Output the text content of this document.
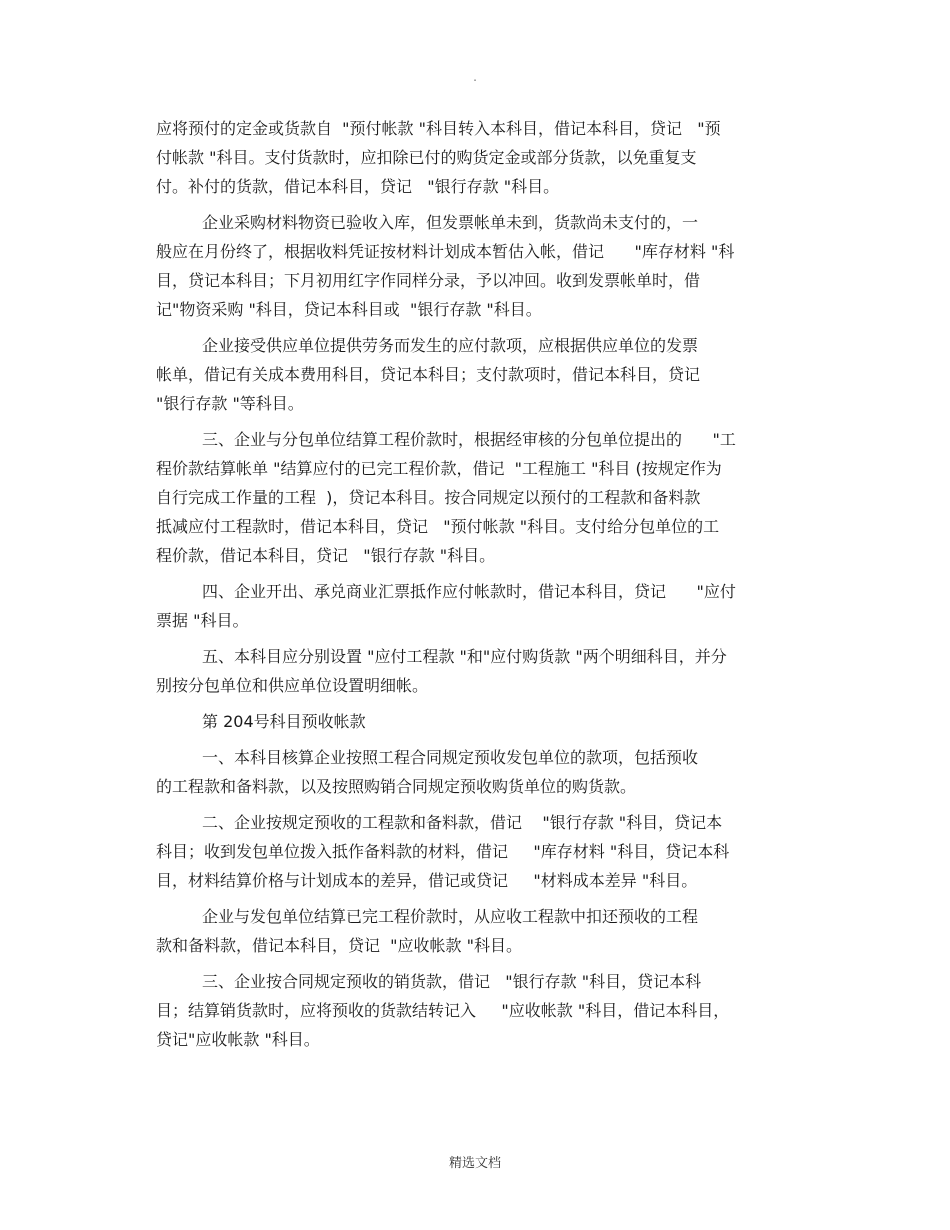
.

应将预付的定金或货款自  "预付帐款 "科目转入本科目，借记本科目，贷记   "预
付帐款 "科目。支付货款时，应扣除已付的购货定金或部分货款，以免重复支
付。补付的货款，借记本科目，贷记   "银行存款 "科目。

企业采购材料物资已验收入库，但发票帐单未到，货款尚未支付的，一
般应在月份终了，根据收料凭证按材料计划成本暂估入帐，借记      "库存材料 "科
目，贷记本科目；下月初用红字作同样分录，予以冲回。收到发票帐单时，借
记"物资采购 "科目，贷记本科目或  "银行存款 "科目。

企业接受供应单位提供劳务而发生的应付款项，应根据供应单位的发票
帐单，借记有关成本费用科目，贷记本科目；支付款项时，借记本科目，贷记
"银行存款 "等科目。

三、企业与分包单位结算工程价款时，根据经审核的分包单位提出的      "工
程价款结算帐单 "结算应付的已完工程价款，借记  "工程施工 "科目 (按规定作为
自行完成工作量的工程  )，贷记本科目。按合同规定以预付的工程款和备料款
抵减应付工程款时，借记本科目，贷记   "预付帐款 "科目。支付给分包单位的工
程价款，借记本科目，贷记   "银行存款 "科目。

四、企业开出、承兑商业汇票抵作应付帐款时，借记本科目，贷记      "应付
票据 "科目。

五、本科目应分别设置 "应付工程款 "和"应付购货款 "两个明细科目，并分
别按分包单位和供应单位设置明细帐。

第 204号科目预收帐款

一、本科目核算企业按照工程合同规定预收发包单位的款项，包括预收
的工程款和备料款，以及按照购销合同规定预收购货单位的购货款。

二、企业按规定预收的工程款和备料款，借记    "银行存款 "科目，贷记本
科目；收到发包单位拨入抵作备料款的材料，借记     "库存材料 "科目，贷记本科
目，材料结算价格与计划成本的差异，借记或贷记     "材料成本差异 "科目。

企业与发包单位结算已完工程价款时，从应收工程款中扣还预收的工程
款和备料款，借记本科目，贷记  "应收帐款 "科目。

三、企业按合同规定预收的销货款，借记   "银行存款 "科目，贷记本科
目；结算销货款时，应将预收的货款结转记入     "应收帐款 "科目，借记本科目，
贷记"应收帐款 "科目。

精选文档
